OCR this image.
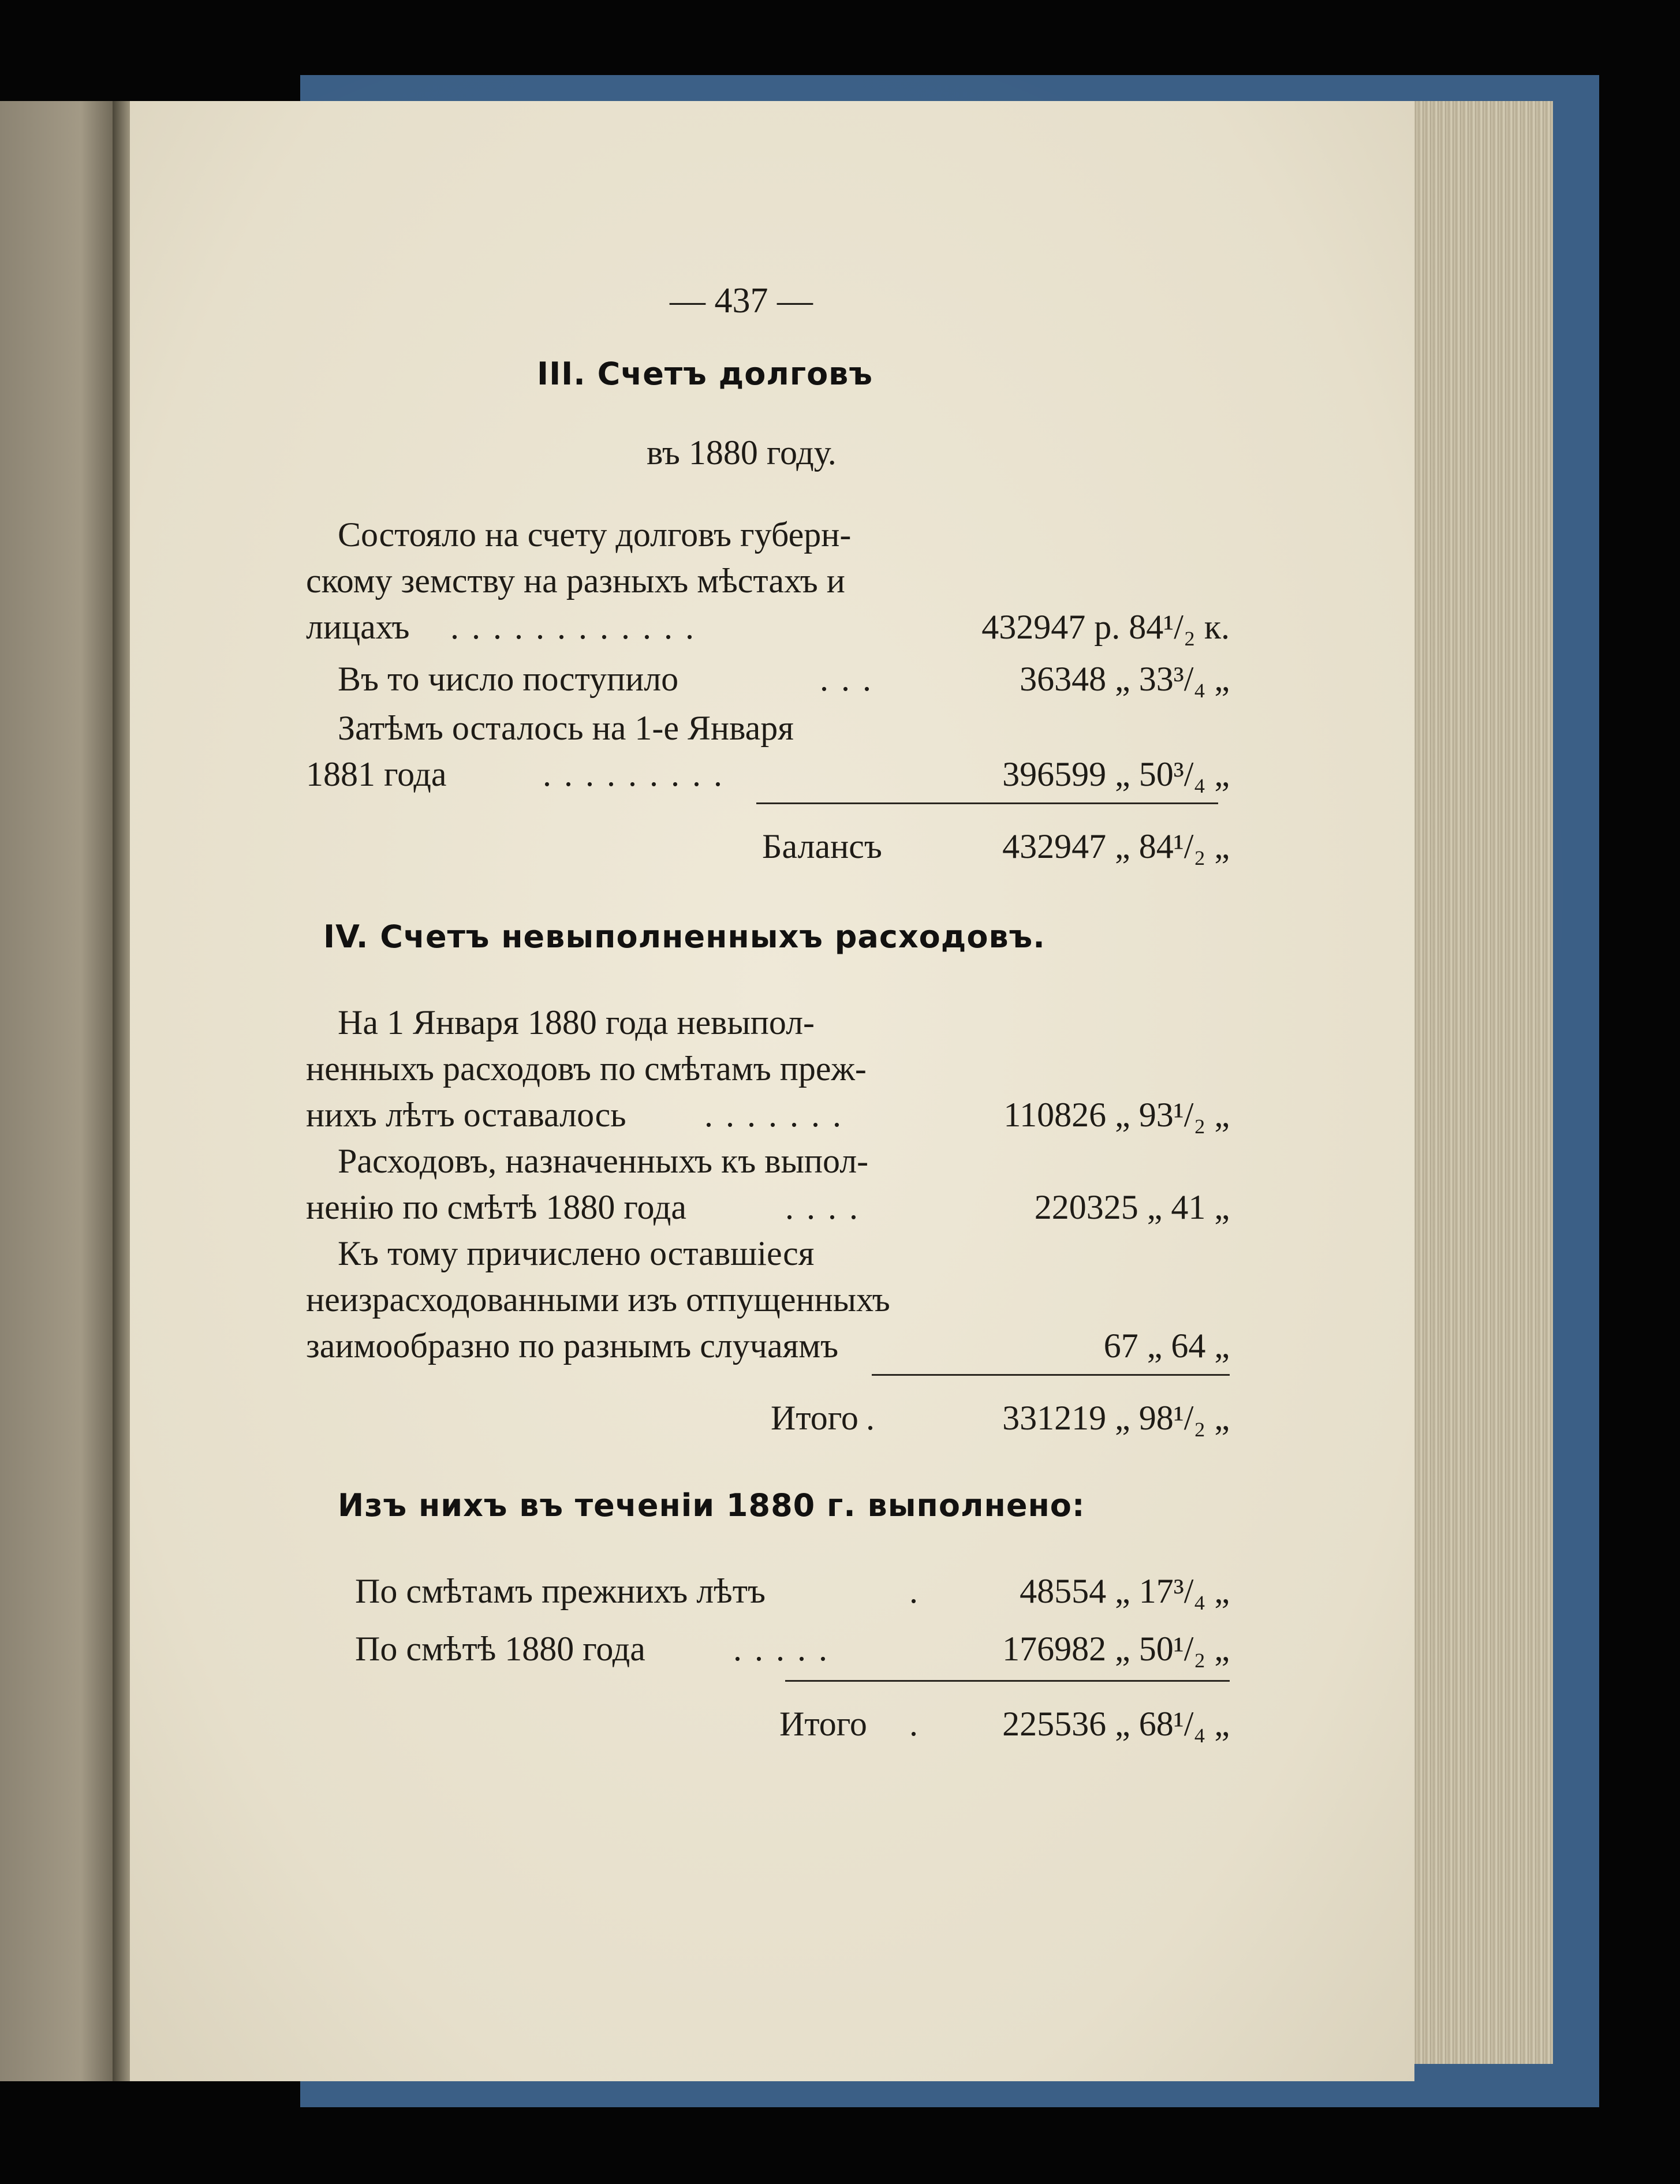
— 437 —
III. Счетъ долговъ
въ 1880 году.
Состояло на счету долговъ губерн-
скому земству на разныхъ мѣстахъ и
лицахъ ............	432947 р. 84¹/₂ к.
Въ то число поступило	...	36348 „ 33³/₄ „
Затѣмъ осталось на 1-е Января
1881 года	.........	396599 „ 50³/₄ „
Балансъ	432947 „ 84¹/₂ „
IV. Счетъ невыполненныхъ расходовъ.
На 1 Января 1880 года невыпол-
ненныхъ расходовъ по смѣтамъ преж-
нихъ лѣтъ оставалось .......	110826 „ 93¹/₂ „
Расходовъ, назначенныхъ къ выпол-
ненію по смѣтѣ 1880 года	....	220325 „ 41 „
Къ тому причислено оставшіеся
неизрасходованными изъ отпущенныхъ
заимообразно по разнымъ случаямъ	67 „ 64 „
Итого .	331219 „ 98¹/₂ „
Изъ нихъ въ теченіи 1880 г. выполнено:
По смѣтамъ прежнихъ лѣтъ	.	48554 „ 17³/₄ „
По смѣтѣ 1880 года	.....	176982 „ 50¹/₂ „
Итого .	225536 „ 68¹/₄ „
